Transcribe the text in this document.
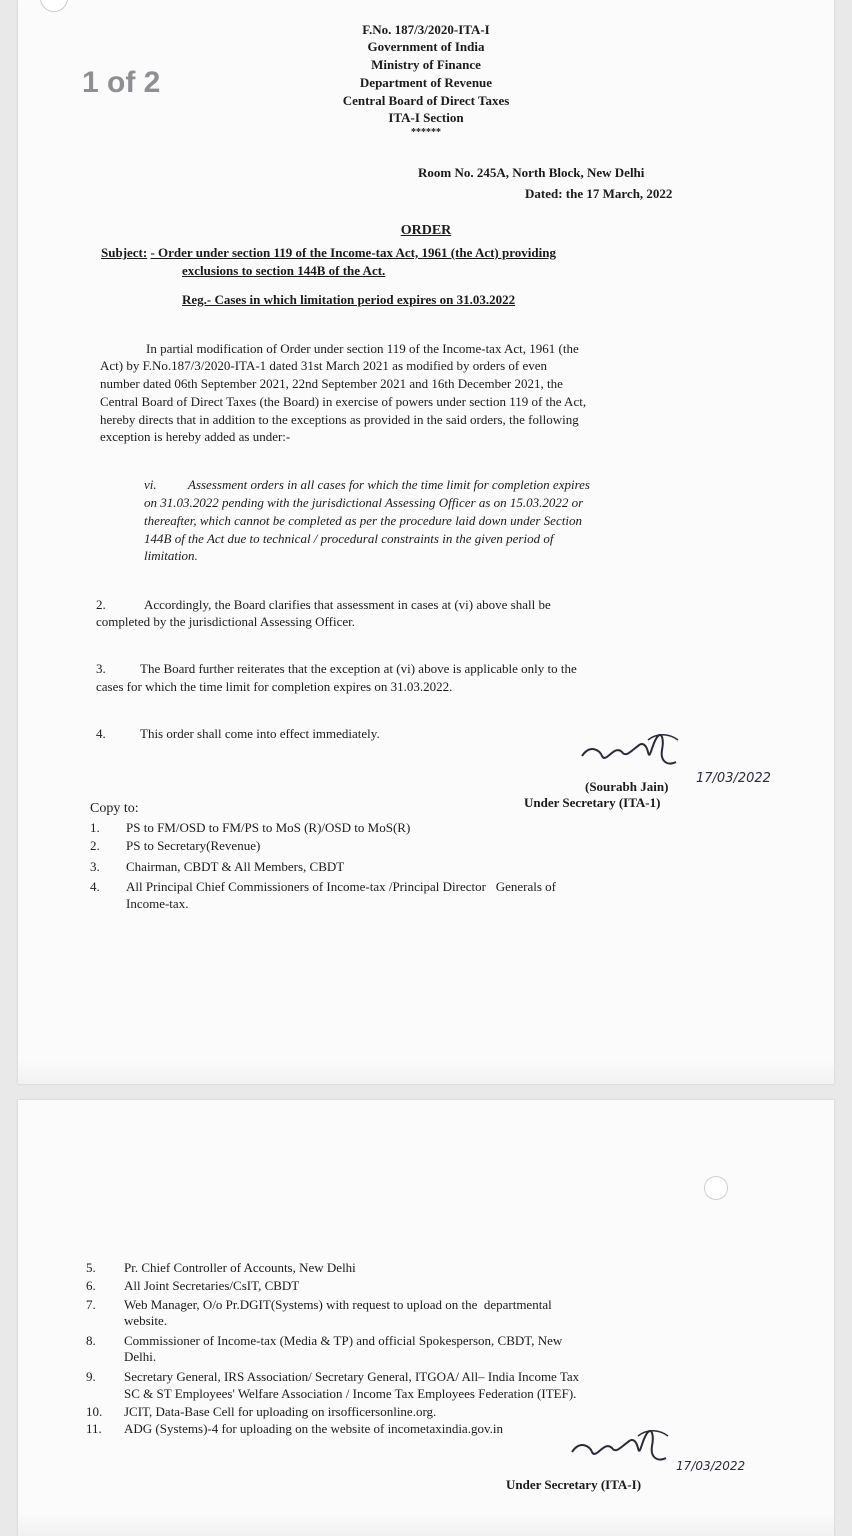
1 of 2
F.No. 187/3/2020-ITA-I
Government of India
Ministry of Finance
Department of Revenue
Central Board of Direct Taxes
ITA-I Section
******
Room No. 245A, North Block, New Delhi
Dated: the 17 March, 2022
ORDER
Subject: - Order under section 119 of the Income-tax Act, 1961 (the Act) providing
exclusions to section 144B of the Act.
Reg.- Cases in which limitation period expires on 31.03.2022
In partial modification of Order under section 119 of the Income-tax Act, 1961 (the
Act) by F.No.187/3/2020-ITA-1 dated 31st March 2021 as modified by orders of even
number dated 06th September 2021, 22nd September 2021 and 16th December 2021, the
Central Board of Direct Taxes (the Board) in exercise of powers under section 119 of the Act,
hereby directs that in addition to the exceptions as provided in the said orders, the following
exception is hereby added as under:-
vi. Assessment orders in all cases for which the time limit for completion expires
on 31.03.2022 pending with the jurisdictional Assessing Officer as on 15.03.2022 or
thereafter, which cannot be completed as per the procedure laid down under Section
144B of the Act due to technical / procedural constraints in the given period of
limitation.
2.	Accordingly, the Board clarifies that assessment in cases at (vi) above shall be
completed by the jurisdictional Assessing Officer.
3.	The Board further reiterates that the exception at (vi) above is applicable only to the
cases for which the time limit for completion expires on 31.03.2022.
4.	This order shall come into effect immediately.
17/03/2022
(Sourabh Jain)
Under Secretary (ITA-1)
Copy to:
1. PS to FM/OSD to FM/PS to MoS (R)/OSD to MoS(R)
2. PS to Secretary(Revenue)
3. Chairman, CBDT & All Members, CBDT
4. All Principal Chief Commissioners of Income-tax /Principal Director   Generals of
Income-tax.
5. Pr. Chief Controller of Accounts, New Delhi
6. All Joint Secretaries/CsIT, CBDT
7. Web Manager, O/o Pr.DGIT(Systems) with request to upload on the  departmental
website.
8. Commissioner of Income-tax (Media & TP) and official Spokesperson, CBDT, New
Delhi.
9. Secretary General, IRS Association/ Secretary General, ITGOA/ All– India Income Tax
SC & ST Employees' Welfare Association / Income Tax Employees Federation (ITEF).
10. JCIT, Data-Base Cell for uploading on irsofficersonline.org.
11. ADG (Systems)-4 for uploading on the website of incometaxindia.gov.in
17/03/2022
Under Secretary (ITA-I)
